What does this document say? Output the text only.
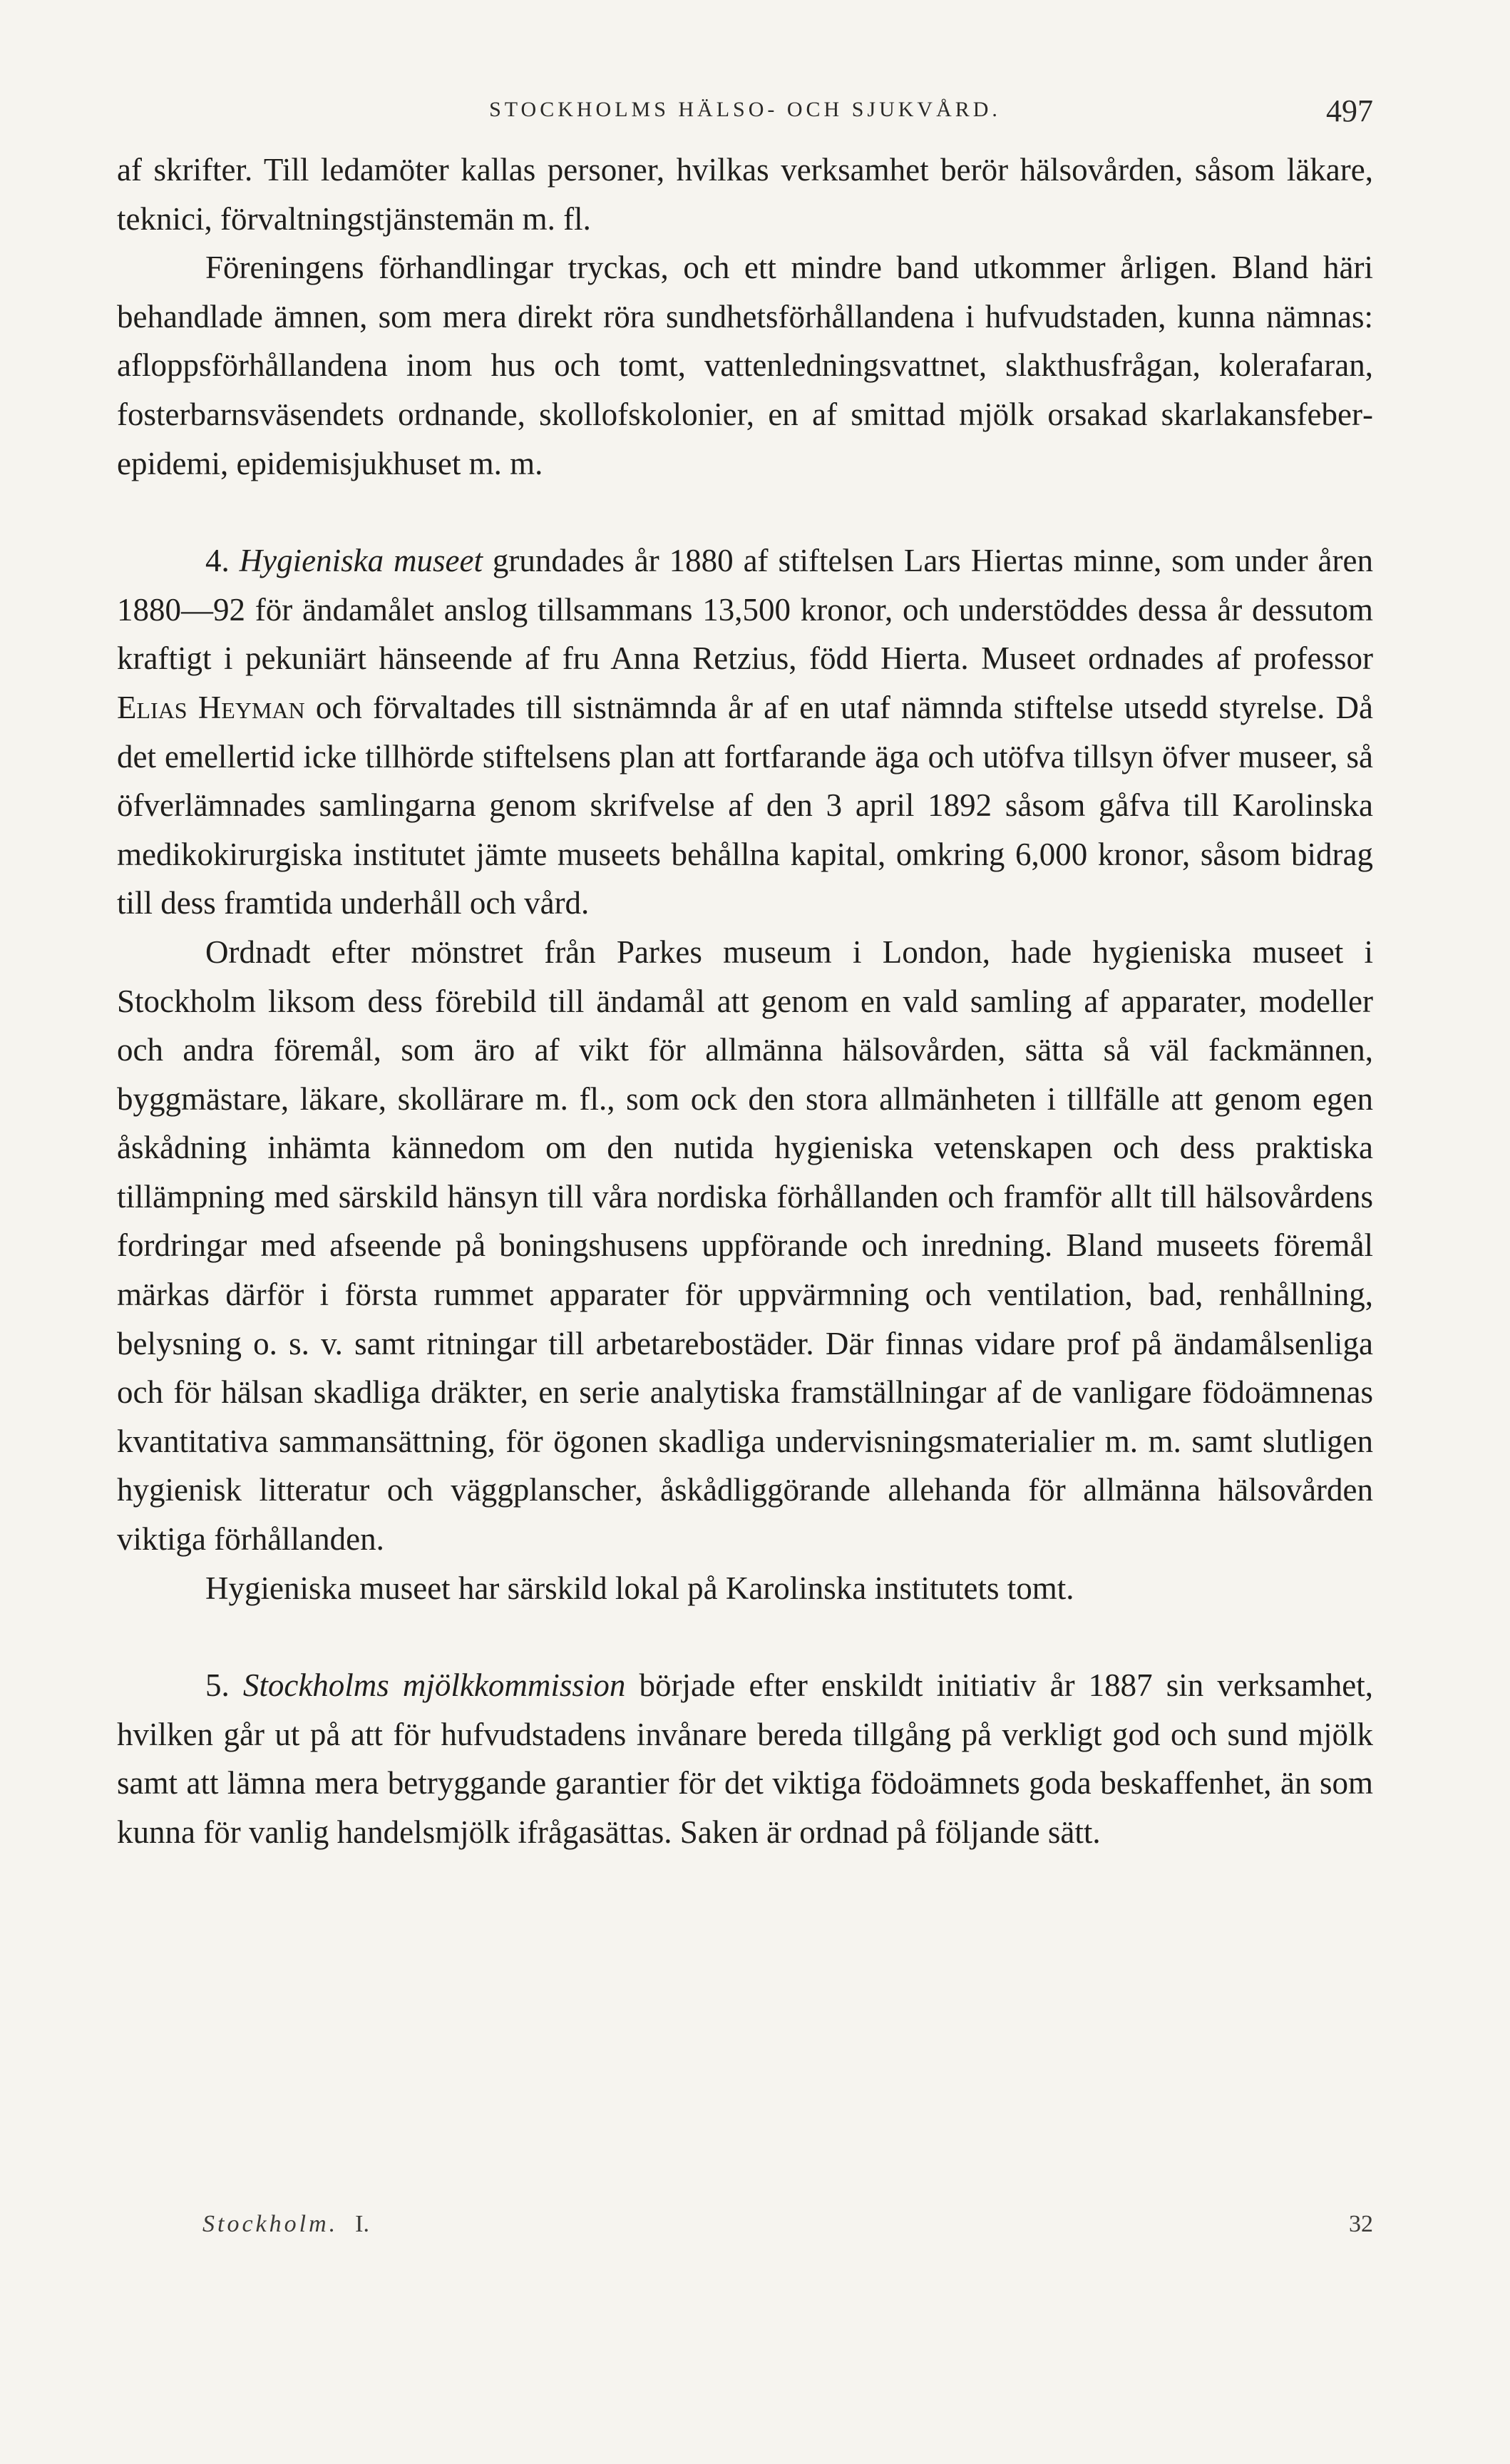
STOCKHOLMS HÄLSO- OCH SJUKVÅRD.	497

af skrifter. Till ledamöter kallas personer, hvilkas verksamhet berör hälsovården, såsom läkare, teknici, förvaltningstjänstemän m. fl.

Föreningens förhandlingar tryckas, och ett mindre band utkommer årligen. Bland häri behandlade ämnen, som mera direkt röra sundhetsförhållandena i hufvudstaden, kunna nämnas: afloppsförhållandena inom hus och tomt, vattenledningsvattnet, slakthusfrågan, kolerafaran, fosterbarnsväsendets ordnande, skollofskolonier, en af smittad mjölk orsakad skarlakansfeberepidemi, epidemisjukhuset m. m.

4. Hygieniska museet grundades år 1880 af stiftelsen Lars Hiertas minne, som under åren 1880—92 för ändamålet anslog tillsammans 13,500 kronor, och understöddes dessa år dessutom kraftigt i pekuniärt hänseende af fru Anna Retzius, född Hierta. Museet ordnades af professor Elias Heyman och förvaltades till sistnämnda år af en utaf nämnda stiftelse utsedd styrelse. Då det emellertid icke tillhörde stiftelsens plan att fortfarande äga och utöfva tillsyn öfver museer, så öfverlämnades samlingarna genom skrifvelse af den 3 april 1892 såsom gåfva till Karolinska medikokirurgiska institutet jämte museets behållna kapital, omkring 6,000 kronor, såsom bidrag till dess framtida underhåll och vård.

Ordnadt efter mönstret från Parkes museum i London, hade hygieniska museet i Stockholm liksom dess förebild till ändamål att genom en vald samling af apparater, modeller och andra föremål, som äro af vikt för allmänna hälsovården, sätta så väl fackmännen, byggmästare, läkare, skollärare m. fl., som ock den stora allmänheten i tillfälle att genom egen åskådning inhämta kännedom om den nutida hygieniska vetenskapen och dess praktiska tillämpning med särskild hänsyn till våra nordiska förhållanden och framför allt till hälsovårdens fordringar med afseende på boningshusens uppförande och inredning. Bland museets föremål märkas därför i första rummet apparater för uppvärmning och ventilation, bad, renhållning, belysning o. s. v. samt ritningar till arbetarebostäder. Där finnas vidare prof på ändamålsenliga och för hälsan skadliga dräkter, en serie analytiska framställningar af de vanligare födoämnenas kvantitativa sammansättning, för ögonen skadliga undervisningsmaterialier m. m. samt slutligen hygienisk litteratur och väggplanscher, åskådliggörande allehanda för allmänna hälsovården viktiga förhållanden.

Hygieniska museet har särskild lokal på Karolinska institutets tomt.

5. Stockholms mjölkkommission började efter enskildt initiativ år 1887 sin verksamhet, hvilken går ut på att för hufvudstadens invånare bereda tillgång på verkligt god och sund mjölk samt att lämna mera betryggande garantier för det viktiga födoämnets goda beskaffenhet, än som kunna för vanlig handelsmjölk ifrågasättas. Saken är ordnad på följande sätt.

Stockholm. I.	32
